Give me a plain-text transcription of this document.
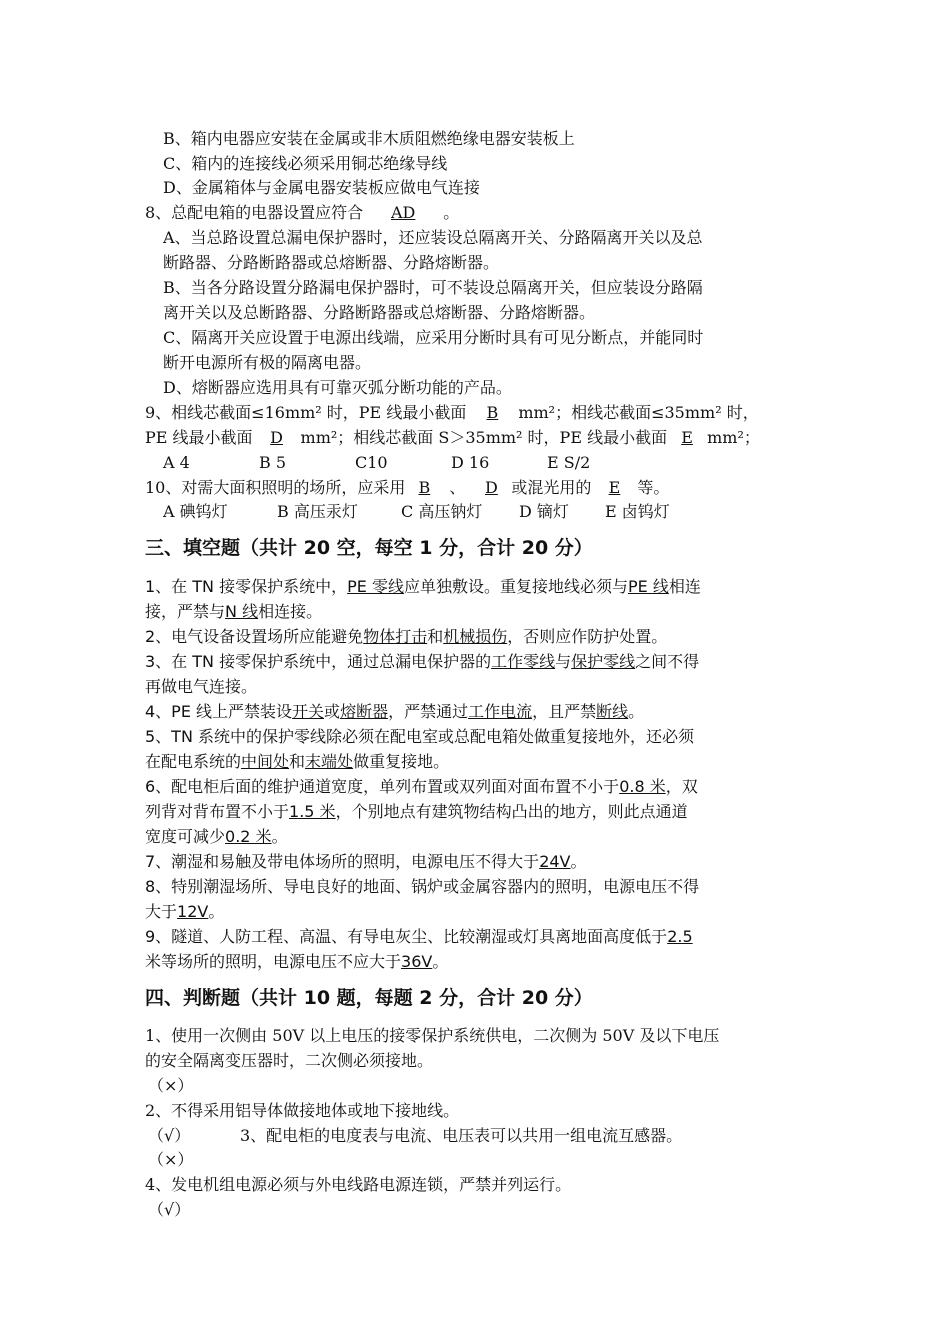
B、箱内电器应安装在金属或非木质阻燃绝缘电器安装板上
C、箱内的连接线必须采用铜芯绝缘导线
D、金属箱体与金属电器安装板应做电气连接
8、总配电箱的电器设置应符合 AD 。
A、当总路设置总漏电保护器时，还应装设总隔离开关、分路隔离开关以及总
断路器、分路断路器或总熔断器、分路熔断器。
B、当各分路设置分路漏电保护器时，可不装设总隔离开关，但应装设分路隔
离开关以及总断路器、分路断路器或总熔断器、分路熔断器。
C、隔离开关应设置于电源出线端，应采用分断时具有可见分断点，并能同时
断开电源所有极的隔离电器。
D、熔断器应选用具有可靠灭弧分断功能的产品。
9、相线芯截面≤16mm² 时，PE 线最小截面 B mm²；相线芯截面≤35mm² 时，
PE 线最小截面 D mm²；相线芯截面 S＞35mm² 时，PE 线最小截面 E mm²；
A 4	B 5	C10	D 16	E S/2
10、对需大面积照明的场所，应采用 B 、 D 或混光用的 E 等。
A 碘钨灯	B 高压汞灯	C 高压钠灯 D 镝灯 E 卤钨灯
三、填空题（共计 20 空，每空 1 分，合计 20 分）
1、在 TN 接零保护系统中，PE 零线应单独敷设。重复接地线必须与PE 线相连
接，严禁与N 线相连接。
2、电气设备设置场所应能避免物体打击和机械损伤，否则应作防护处置。
3、在 TN 接零保护系统中，通过总漏电保护器的工作零线与保护零线之间不得
再做电气连接。
4、PE 线上严禁装设开关或熔断器，严禁通过工作电流，且严禁断线。
5、TN 系统中的保护零线除必须在配电室或总配电箱处做重复接地外，还必须
在配电系统的中间处和末端处做重复接地。
6、配电柜后面的维护通道宽度，单列布置或双列面对面布置不小于0.8 米，双
列背对背布置不小于1.5 米，个别地点有建筑物结构凸出的地方，则此点通道
宽度可减少0.2 米。
7、潮湿和易触及带电体场所的照明，电源电压不得大于24V。
8、特别潮湿场所、导电良好的地面、锅炉或金属容器内的照明，电源电压不得
大于12V。
9、隧道、人防工程、高温、有导电灰尘、比较潮湿或灯具离地面高度低于2.5
米等场所的照明，电源电压不应大于36V。
四、判断题（共计 10 题，每题 2 分，合计 20 分）
1、使用一次侧由 50V 以上电压的接零保护系统供电，二次侧为 50V 及以下电压
的安全隔离变压器时，二次侧必须接地。
（×）
2、不得采用铝导体做接地体或地下接地线。
（√）	3、配电柜的电度表与电流、电压表可以共用一组电流互感器。
（×）
4、发电机组电源必须与外电线路电源连锁，严禁并列运行。
（√）
